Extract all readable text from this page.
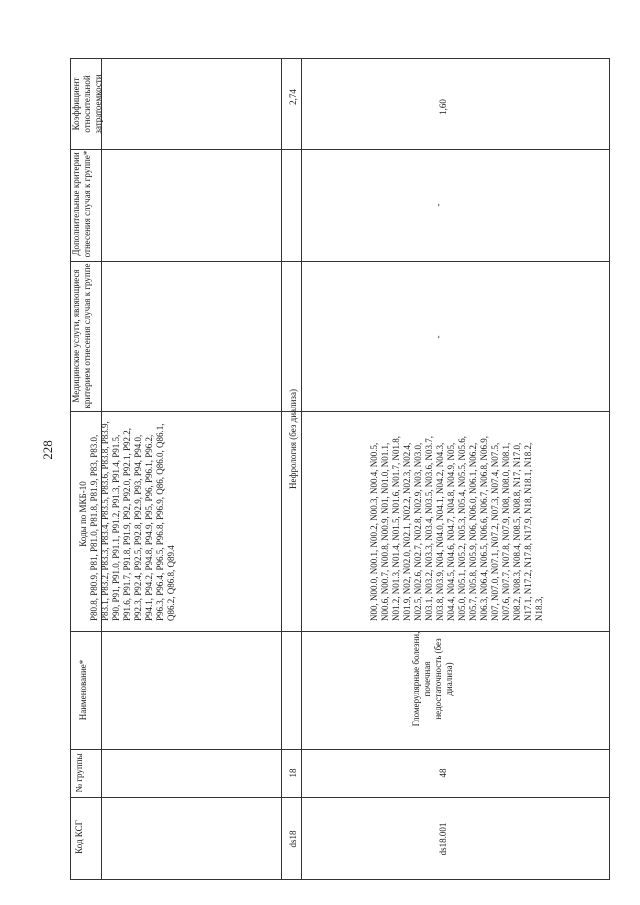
228
Коэффициент относительной затратоемкости
Дополнительные критерии отнесения случая к группе*
Медицинские услуги, являющиеся критерием отнесения случая к группе
Коды по МКБ-10
Наименование*
№ группы
Код КСГ
P80.8, P80.9, P81, P81.0, P81.8, P81.9, P83, P83.0, P83.1, P83.2, P83.3, P83.4, P83.5, P83.6, P83.8, P83.9, P90, P91, P91.0, P91.1, P91.2, P91.3, P91.4, P91.5, P91.6, P91.7, P91.8, P91.9, P92, P92.0, P92.1, P92.2, P92.3, P92.4, P92.5, P92.8, P92.9, P93, P94, P94.0, P94.1, P94.2, P94.8, P94.9, P95, P96, P96.1, P96.2, P96.3, P96.4, P96.5, P96.8, P96.9, Q86, Q86.0, Q86.1, Q86.2, Q86.8, Q89.4
2,74
Нефрология (без диализа)
18
ds18
1,60
-
-
N00, N00.0, N00.1, N00.2, N00.3, N00.4, N00.5, N00.6, N00.7, N00.8, N00.9, N01, N01.0, N01.1, N01.2, N01.3, N01.4, N01.5, N01.6, N01.7, N01.8, N01.9, N02, N02.0, N02.1, N02.2, N02.3, N02.4, N02.5, N02.6, N02.7, N02.8, N02.9, N03, N03.0, N03.1, N03.2, N03.3, N03.4, N03.5, N03.6, N03.7, N03.8, N03.9, N04, N04.0, N04.1, N04.2, N04.3, N04.4, N04.5, N04.6, N04.7, N04.8, N04.9, N05, N05.0, N05.1, N05.2, N05.3, N05.4, N05.5, N05.6, N05.7, N05.8, N05.9, N06, N06.0, N06.1, N06.2, N06.3, N06.4, N06.5, N06.6, N06.7, N06.8, N06.9, N07, N07.0, N07.1, N07.2, N07.3, N07.4, N07.5, N07.6, N07.7, N07.8, N07.9, N08, N08.0, N08.1, N08.2, N08.3, N08.4, N08.5, N08.8, N17, N17.0, N17.1, N17.2, N17.8, N17.9, N18, N18.1, N18.2, N18.3,
Гломерулярные болезни, почечная недостаточность (без диализа)
48
ds18.001
